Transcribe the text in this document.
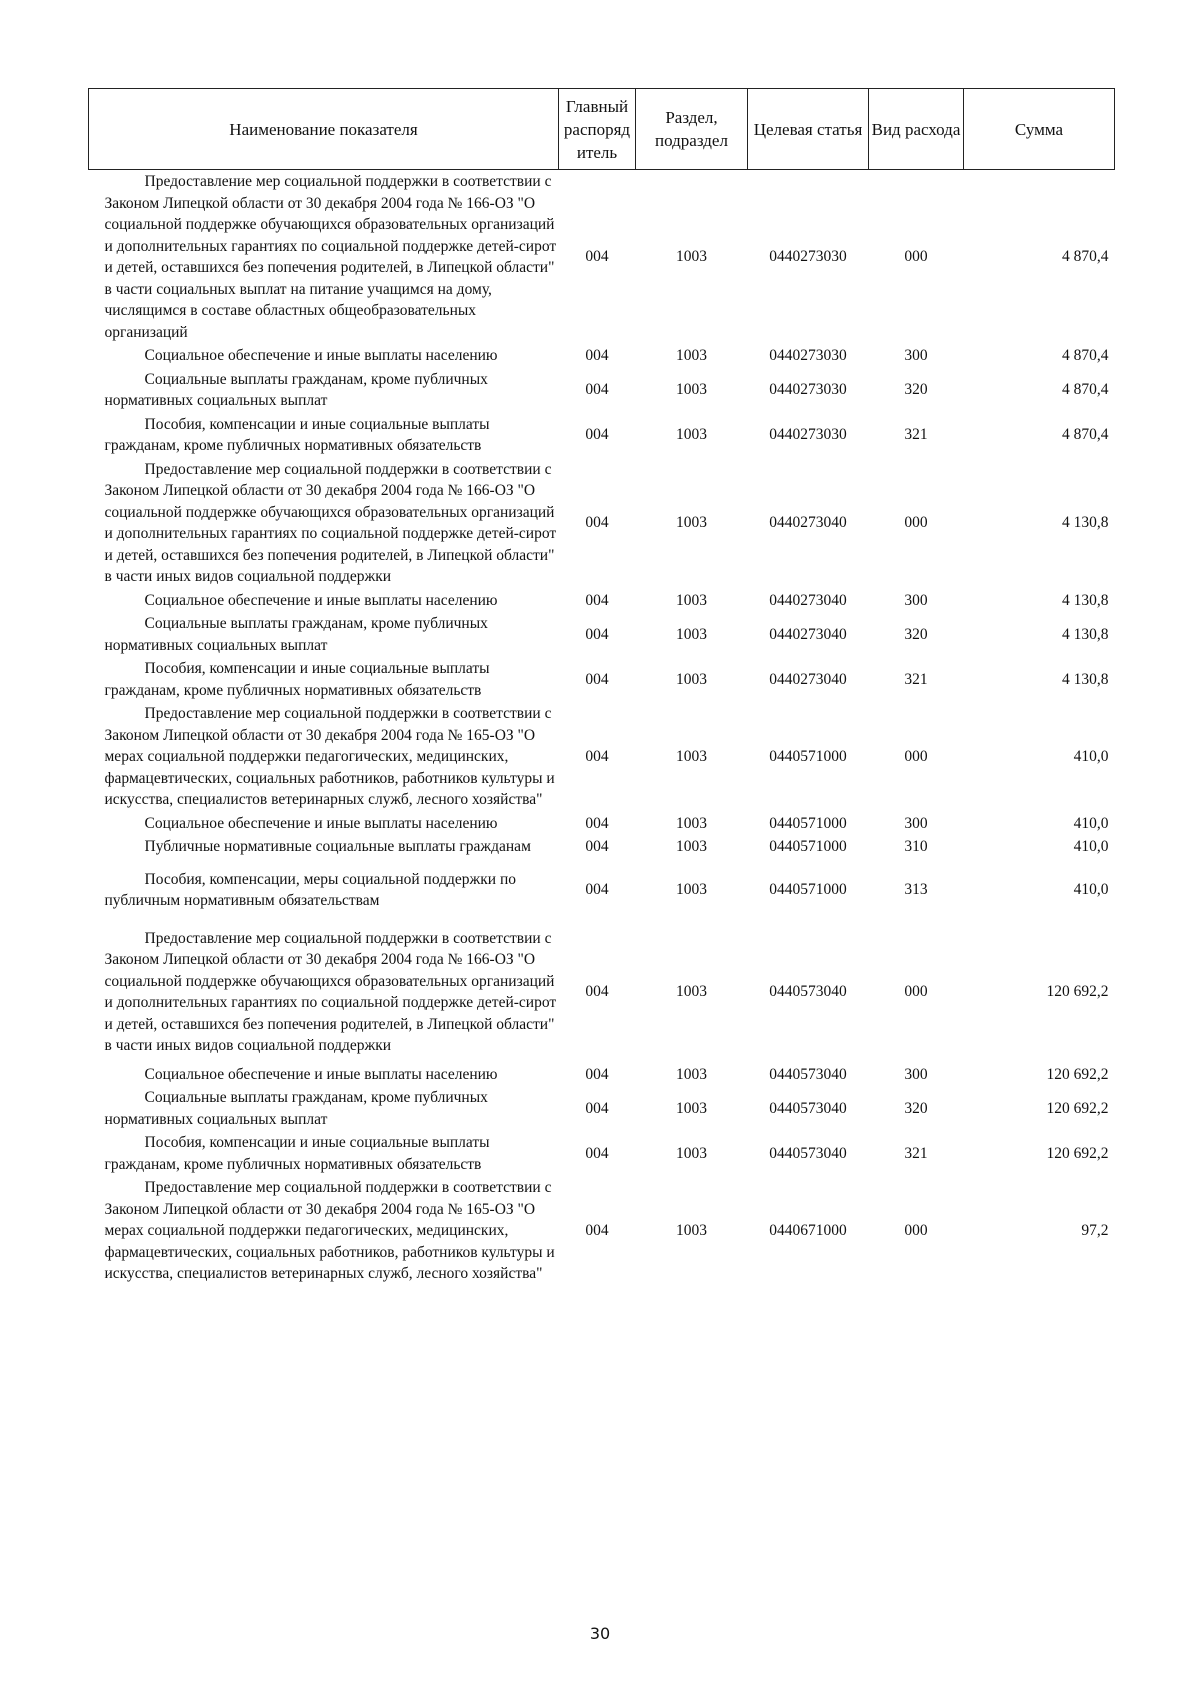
Наименование показателя	Главный распоряд итель	Раздел, подраздел	Целевая статья	Вид расхода	Сумма
Предоставление мер социальной поддержки в соответствии с Законом Липецкой области от 30 декабря 2004 года № 166-ОЗ "О социальной поддержке обучающихся образовательных организаций и дополнительных гарантиях по социальной поддержке детей-сирот и детей, оставшихся без попечения родителей, в Липецкой области" в части социальных выплат на питание учащимся на дому, числящимся в составе областных общеобразовательных организаций	004	1003	0440273030	000	4 870,4
Социальное обеспечение и иные выплаты населению	004	1003	0440273030	300	4 870,4
Социальные выплаты гражданам, кроме публичных нормативных социальных выплат	004	1003	0440273030	320	4 870,4
Пособия, компенсации и иные социальные выплаты гражданам, кроме публичных нормативных обязательств	004	1003	0440273030	321	4 870,4
Предоставление мер социальной поддержки в соответствии с Законом Липецкой области от 30 декабря 2004 года № 166-ОЗ "О социальной поддержке обучающихся образовательных организаций и дополнительных гарантиях по социальной поддержке детей-сирот и детей, оставшихся без попечения родителей, в Липецкой области" в части иных видов социальной поддержки	004	1003	0440273040	000	4 130,8
Социальное обеспечение и иные выплаты населению	004	1003	0440273040	300	4 130,8
Социальные выплаты гражданам, кроме публичных нормативных социальных выплат	004	1003	0440273040	320	4 130,8
Пособия, компенсации и иные социальные выплаты гражданам, кроме публичных нормативных обязательств	004	1003	0440273040	321	4 130,8
Предоставление мер социальной поддержки в соответствии с Законом Липецкой области от 30 декабря 2004 года № 165-ОЗ "О мерах социальной поддержки педагогических, медицинских, фармацевтических, социальных работников, работников культуры и искусства, специалистов ветеринарных служб, лесного хозяйства"	004	1003	0440571000	000	410,0
Социальное обеспечение и иные выплаты населению	004	1003	0440571000	300	410,0
Публичные нормативные социальные выплаты гражданам	004	1003	0440571000	310	410,0
Пособия, компенсации, меры социальной поддержки по публичным нормативным обязательствам	004	1003	0440571000	313	410,0
Предоставление мер социальной поддержки в соответствии с Законом Липецкой области от 30 декабря 2004 года № 166-ОЗ "О социальной поддержке обучающихся образовательных организаций и дополнительных гарантиях по социальной поддержке детей-сирот и детей, оставшихся без попечения родителей, в Липецкой области" в части иных видов социальной поддержки	004	1003	0440573040	000	120 692,2
Социальное обеспечение и иные выплаты населению	004	1003	0440573040	300	120 692,2
Социальные выплаты гражданам, кроме публичных нормативных социальных выплат	004	1003	0440573040	320	120 692,2
Пособия, компенсации и иные социальные выплаты гражданам, кроме публичных нормативных обязательств	004	1003	0440573040	321	120 692,2
Предоставление мер социальной поддержки в соответствии с Законом Липецкой области от 30 декабря 2004 года № 165-ОЗ "О мерах социальной поддержки педагогических, медицинских, фармацевтических, социальных работников, работников культуры и искусства, специалистов ветеринарных служб, лесного хозяйства"	004	1003	0440671000	000	97,2
30
